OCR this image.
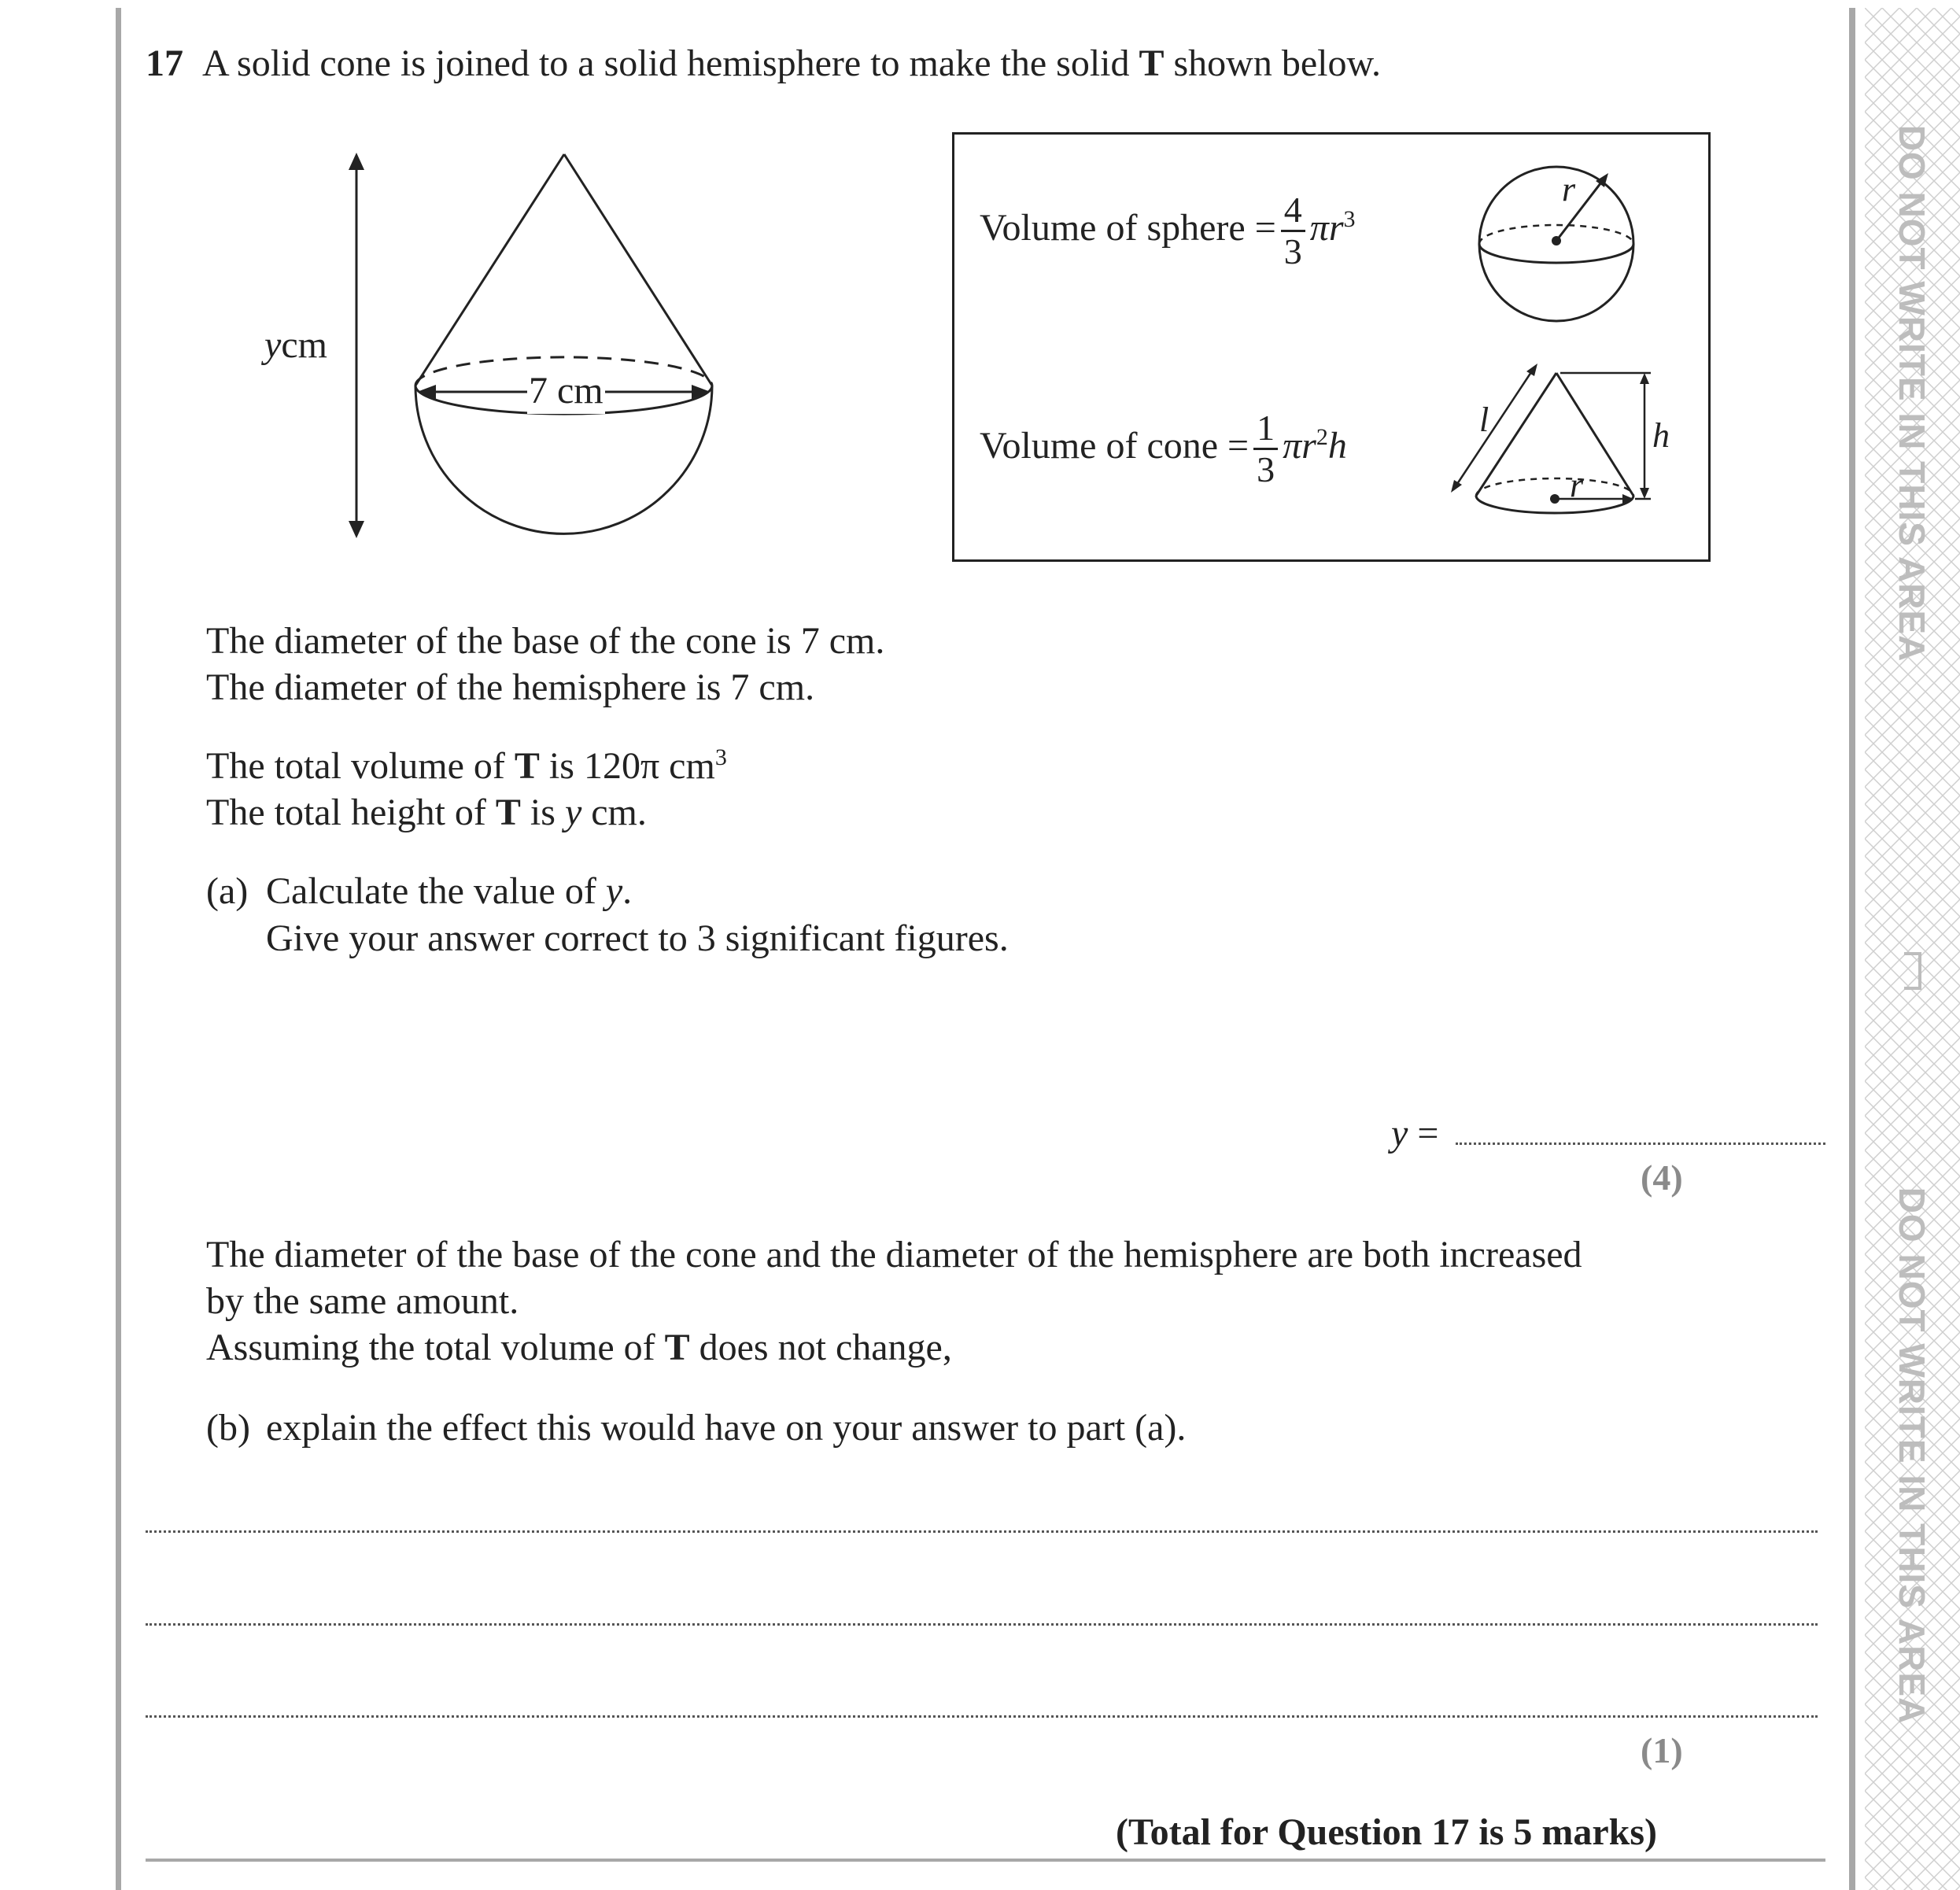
DO NOT WRITE IN THIS AREA
DO NOT WRITE IN THIS AREA
17 A solid cone is joined to a solid hemisphere to make the solid T shown below.
ycm
7 cm
Volume of sphere = $\frac{4}{3} \pi r^3$
r
Volume of cone = $\frac{1}{3} \pi r^2h$
l	h
r
The diameter of the base of the cone is 7 cm.
The diameter of the hemisphere is 7 cm.
The total volume of T is 120π $cm^3$
The total height of T is y cm.
(a) Calculate the value of y.
Give your answer correct to 3 significant figures.
y =
(4)
The diameter of the base of the cone and the diameter of the hemisphere are both increased
by the same amount.
Assuming the total volume of T does not change,
(b) explain the effect this would have on your answer to part (a).
(1)
(Total for Question 17 is 5 marks)
